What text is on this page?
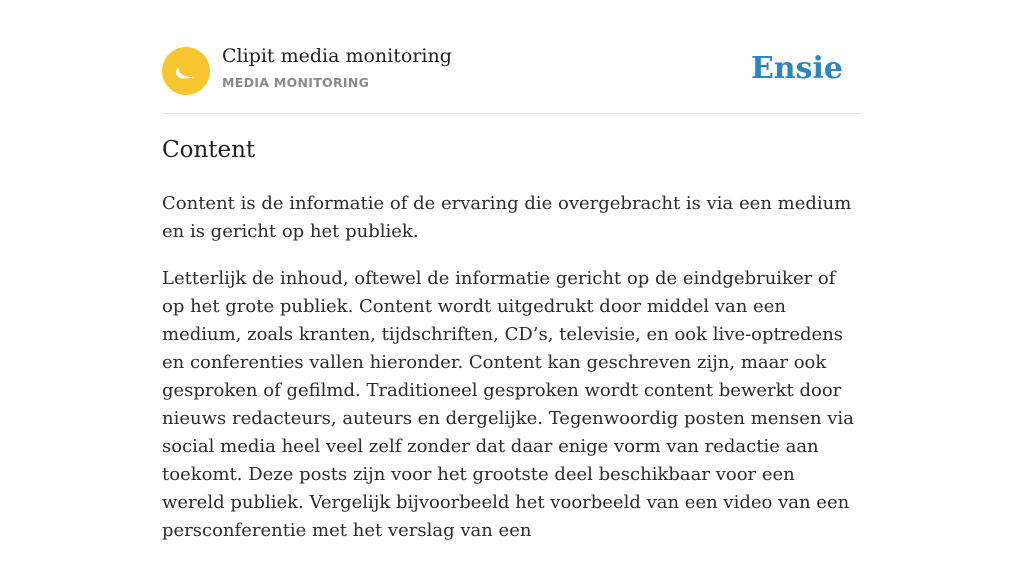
Clipit media monitoring
MEDIA MONITORING	Ensie
Content

Content is de informatie of de ervaring die overgebracht is via een medium en is gericht op het publiek.

Letterlijk de inhoud, oftewel de informatie gericht op de eindgebruiker of op het grote publiek. Content wordt uitgedrukt door middel van een medium, zoals kranten, tijdschriften, CD’s, televisie, en ook live-optredens en conferenties vallen hieronder. Content kan geschreven zijn, maar ook gesproken of gefilmd. Traditioneel gesproken wordt content bewerkt door nieuws redacteurs, auteurs en dergelijke. Tegenwoordig posten mensen via social media heel veel zelf zonder dat daar enige vorm van redactie aan toekomt. Deze posts zijn voor het grootste deel beschikbaar voor een wereld publiek. Vergelijk bijvoorbeeld het voorbeeld van een video van een persconferentie met het verslag van een
